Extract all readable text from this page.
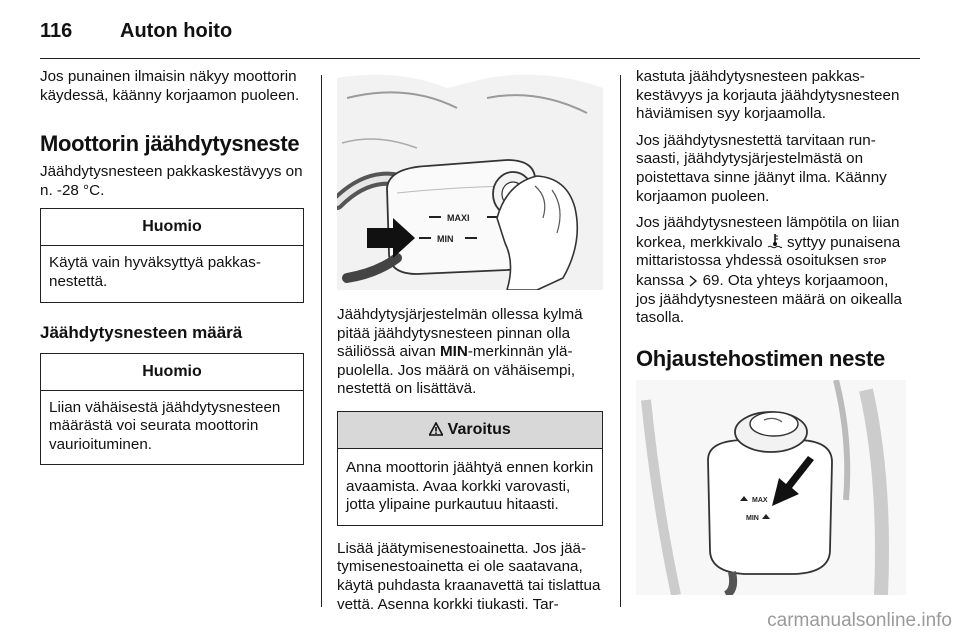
116 Auton hoito

Jos punainen ilmaisin näkyy moottorin käydessä, käänny korjaamon puoleen.

Moottorin jäähdytysneste

Jäähdytysnesteen pakkaskestävyys on n. -28 °C.

Huomio
Käytä vain hyväksyttyä pakkasnestettä.
Jäähdytysnesteen määrä
Huomio
Liian vähäisestä jäähdytysnesteen määrästä voi seurata moottorin vaurioituminen.
MAXI
MIN

Jäähdytysjärjestelmän ollessa kylmä pitää jäähdytysnesteen pinnan olla säiliössä aivan MIN-merkinnän yläpuolella. Jos määrä on vähäisempi, nestettä on lisättävä.

Varoitus
Anna moottorin jäähtyä ennen korkin avaamista. Avaa korkki varovasti, jotta ylipaine purkautuu hitaasti.

Lisää jäätymisenestoainetta. Jos jäätymisenestoainetta ei ole saatavana, käytä puhdasta kraanavettä tai tislattua vettä. Asenna korkki tiukasti. Tar-

kastuta jäähdytysnesteen pakkaskestävyys ja korjauta jäähdytysnesteen häviämisen syy korjaamolla.

Jos jäähdytysnestettä tarvitaan runsaasti, jäähdytysjärjestelmästä on poistettava sinne jäänyt ilma. Käänny korjaamon puoleen.

Jos jäähdytysnesteen lämpötila on liian korkea, merkkivalo  syttyy punaisena mittaristossa yhdessä osoituksen STOP kanssa  69. Ota yhteys korjaamoon, jos jäähdytysnesteen määrä on oikealla tasolla.

Ohjaustehostimen neste
MAX
MIN
carmanualsonline.info
